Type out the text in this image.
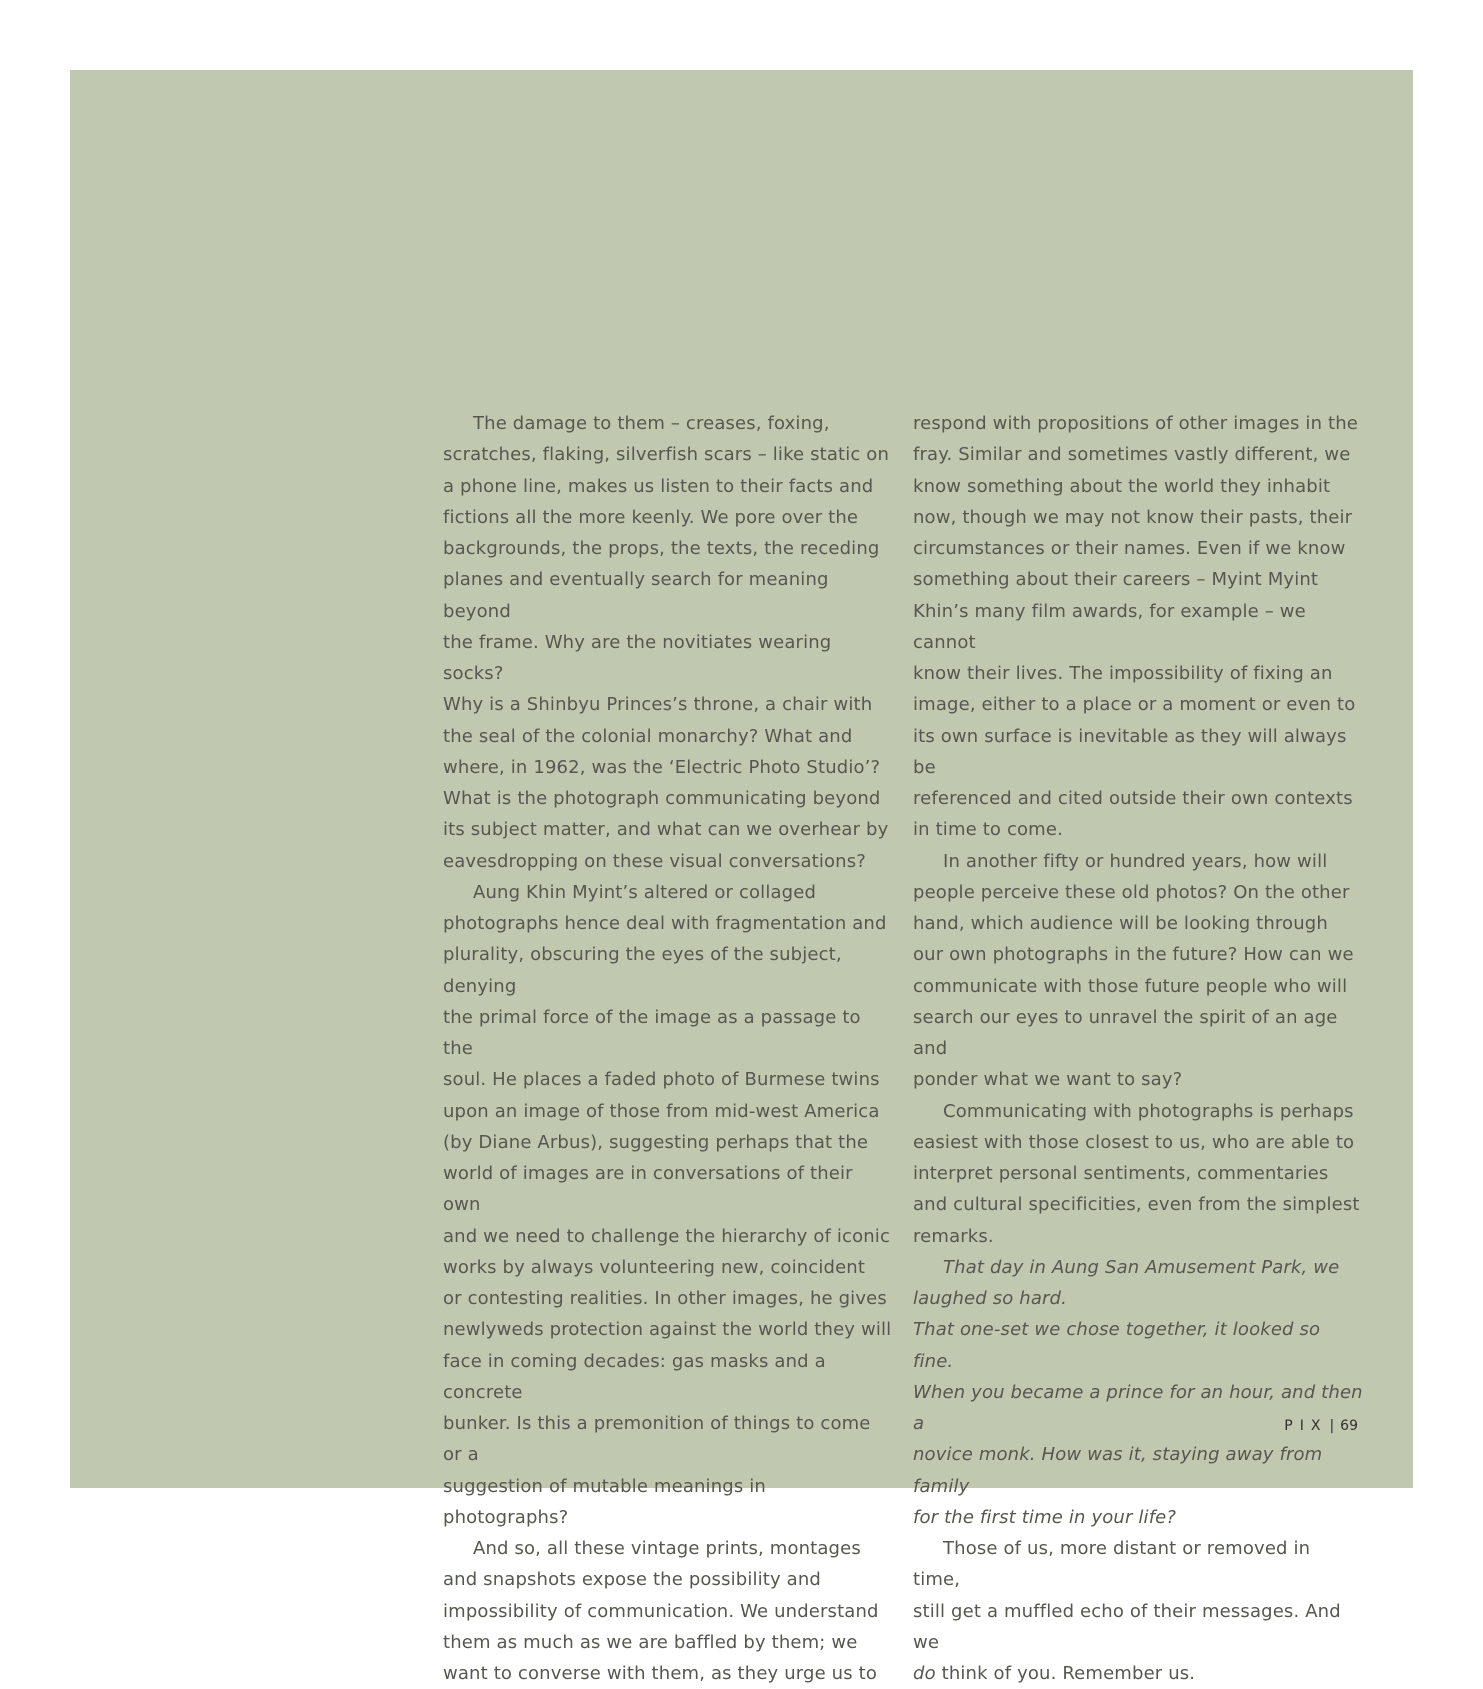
The damage to them – creases, foxing,
scratches, flaking, silverfish scars – like static on
a phone line, makes us listen to their facts and
fictions all the more keenly. We pore over the
backgrounds, the props, the texts, the receding
planes and eventually search for meaning beyond
the frame. Why are the novitiates wearing socks?
Why is a Shinbyu Princes’s throne, a chair with
the seal of the colonial monarchy? What and
where, in 1962, was the ‘Electric Photo Studio’?
What is the photograph communicating beyond
its subject matter, and what can we overhear by
eavesdropping on these visual conversations?

Aung Khin Myint’s altered or collaged
photographs hence deal with fragmentation and
plurality, obscuring the eyes of the subject, denying
the primal force of the image as a passage to the
soul. He places a faded photo of Burmese twins
upon an image of those from mid-west America
(by Diane Arbus), suggesting perhaps that the
world of images are in conversations of their own
and we need to challenge the hierarchy of iconic
works by always volunteering new, coincident
or contesting realities. In other images, he gives
newlyweds protection against the world they will
face in coming decades: gas masks and a concrete
bunker. Is this a premonition of things to come or a
suggestion of mutable meanings in photographs?

And so, all these vintage prints, montages
and snapshots expose the possibility and
impossibility of communication. We understand
them as much as we are baffled by them; we
want to converse with them, as they urge us to

respond with propositions of other images in the
fray. Similar and sometimes vastly different, we
know something about the world they inhabit
now, though we may not know their pasts, their
circumstances or their names. Even if we know
something about their careers – Myint Myint
Khin’s many film awards, for example – we cannot
know their lives. The impossibility of fixing an
image, either to a place or a moment or even to
its own surface is inevitable as they will always be
referenced and cited outside their own contexts
in time to come.

In another fifty or hundred years, how will
people perceive these old photos? On the other
hand, which audience will be looking through
our own photographs in the future? How can we
communicate with those future people who will
search our eyes to unravel the spirit of an age and
ponder what we want to say?

Communicating with photographs is perhaps
easiest with those closest to us, who are able to
interpret personal sentiments, commentaries
and cultural specificities, even from the simplest
remarks.

That day in Aung San Amusement Park, we
laughed so hard.

That one-set we chose together, it looked so fine.
When you became a prince for an hour, and then a
novice monk. How was it, staying away from family
for the first time in your life?

Those of us, more distant or removed in time,
still get a muffled echo of their messages. And we
do think of you. Remember us.

PIX | 69
